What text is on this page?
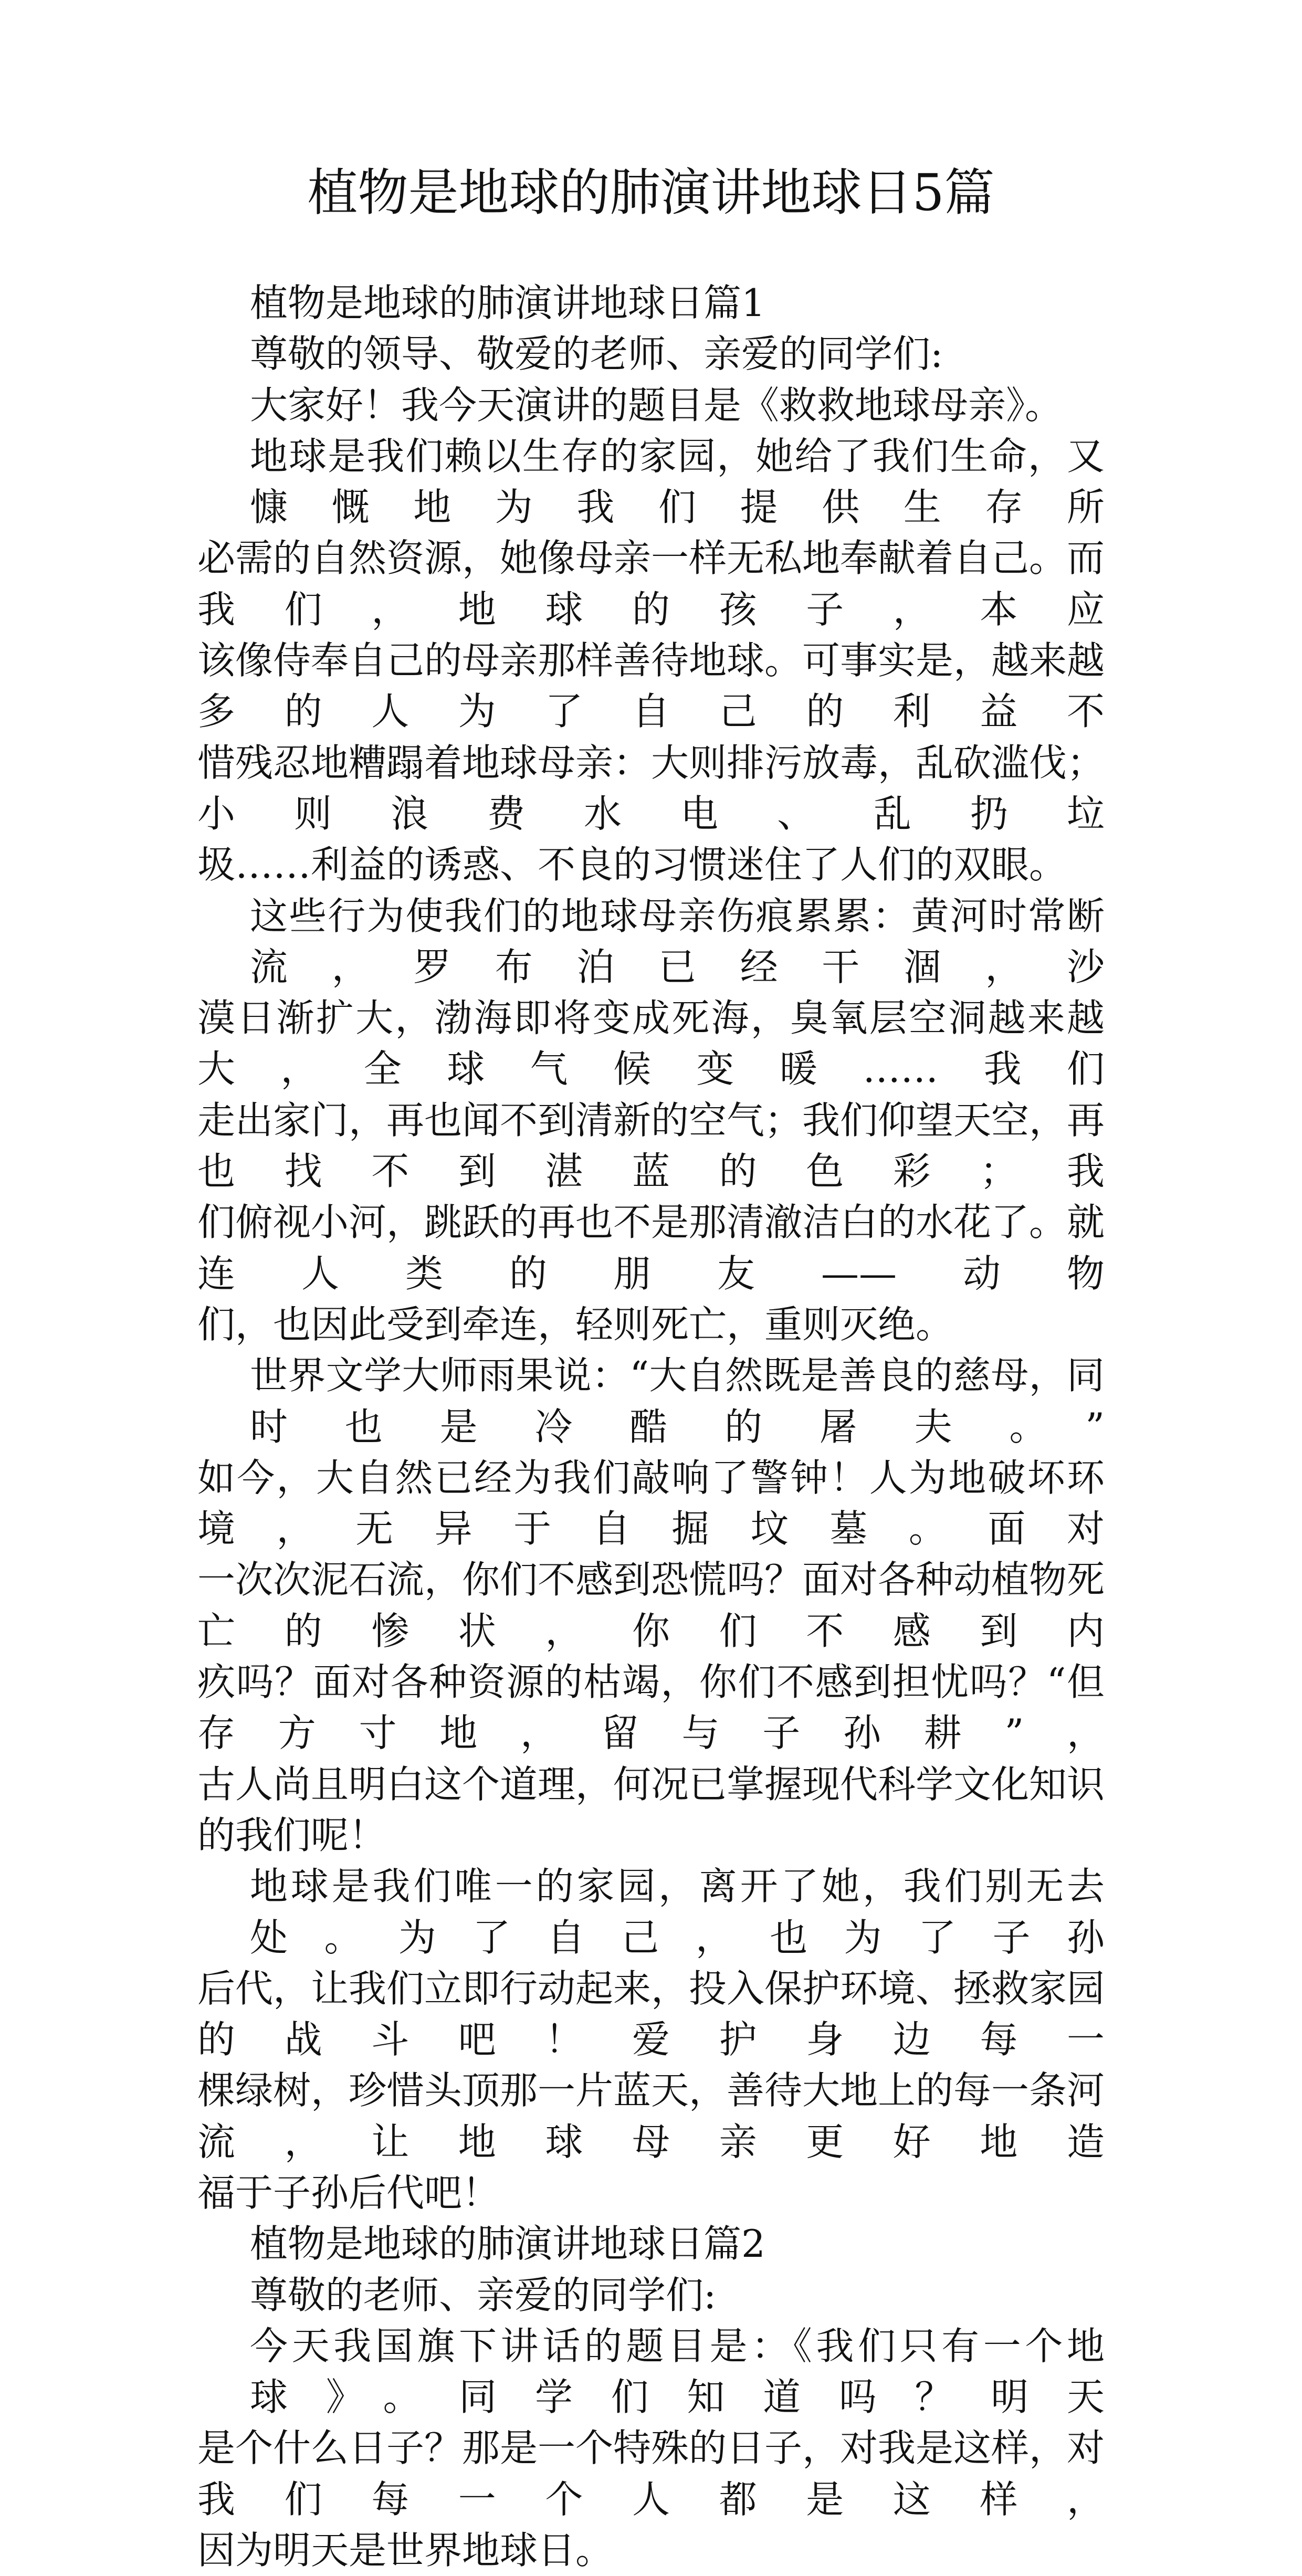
植物是地球的肺演讲地球日5篇
植物是地球的肺演讲地球日篇1
尊敬的领导、敬爱的老师、亲爱的同学们:
大家好！我今天演讲的题目是《救救地球母亲》。
地球是我们赖以生存的家园，她给了我们生命，又慷慨地为我们提供生存所
必需的自然资源，她像母亲一样无私地奉献着自己。而我们，地球的孩子，本应
该像侍奉自己的母亲那样善待地球。可事实是，越来越多的人为了自己的利益不
惜残忍地糟蹋着地球母亲：大则排污放毒，乱砍滥伐；小则浪费水电、乱扔垃
圾……利益的诱惑、不良的习惯迷住了人们的双眼。
这些行为使我们的地球母亲伤痕累累：黄河时常断流，罗布泊已经干涸，沙
漠日渐扩大，渤海即将变成死海，臭氧层空洞越来越大，全球气候变暖……我们
走出家门，再也闻不到清新的空气；我们仰望天空，再也找不到湛蓝的色彩；我
们俯视小河，跳跃的再也不是那清澈洁白的水花了。就连人类的朋友——动物
们，也因此受到牵连，轻则死亡，重则灭绝。
世界文学大师雨果说：“大自然既是善良的慈母，同时也是冷酷的屠夫。”
如今，大自然已经为我们敲响了警钟！人为地破坏环境，无异于自掘坟墓。面对
一次次泥石流，你们不感到恐慌吗？面对各种动植物死亡的惨状，你们不感到内
疚吗？面对各种资源的枯竭，你们不感到担忧吗？“但存方寸地，留与子孙耕”，
古人尚且明白这个道理，何况已掌握现代科学文化知识的我们呢！
地球是我们唯一的家园，离开了她，我们别无去处。为了自己，也为了子孙
后代，让我们立即行动起来，投入保护环境、拯救家园的战斗吧！爱护身边每一
棵绿树，珍惜头顶那一片蓝天，善待大地上的每一条河流，让地球母亲更好地造
福于子孙后代吧！
植物是地球的肺演讲地球日篇2
尊敬的老师、亲爱的同学们:
今天我国旗下讲话的题目是：《我们只有一个地球》。同学们知道吗？明天
是个什么日子？那是一个特殊的日子，对我是这样，对我们每一个人都是这样，
因为明天是世界地球日。
